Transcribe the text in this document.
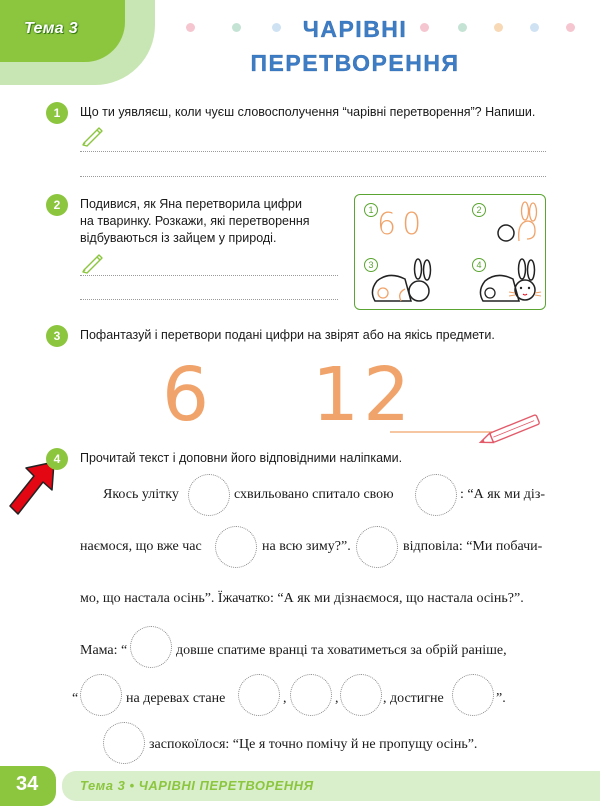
Тема 3	ЧАРІВНІ
ПЕРЕТВОРЕННЯ
1	Що ти уявляєш, коли чуєш словосполучення “чарівні перетворення”? Напиши.
2	Подивися, як Яна перетворила цифри
на тваринку. Розкажи, які перетворення
відбуваються із зайцем у природі.
1	2
3	4
60
3	Пофантазуй і перетвори подані цифри на звірят або на якісь предмети.
6 12
4	Прочитай текст і доповни його відповідними наліпками.
Якось улітку	схвильовано спитало свою	: “А як ми діз-
наємося, що вже час	на всю зиму?”.	відповіла: “Ми побачи-
мо, що настала осінь”. Їжачатко: “А як ми дізнаємося, що настала осінь?”.
Мама: “	довше спатиме вранці та ховатиметься за обрій раніше,
“	на деревах стане	,	,	, достигне	”.
заспокоїлося: “Це я точно помічу й не пропущу осінь”.
34	Тема 3 • ЧАРІВНІ ПЕРЕТВОРЕННЯ
